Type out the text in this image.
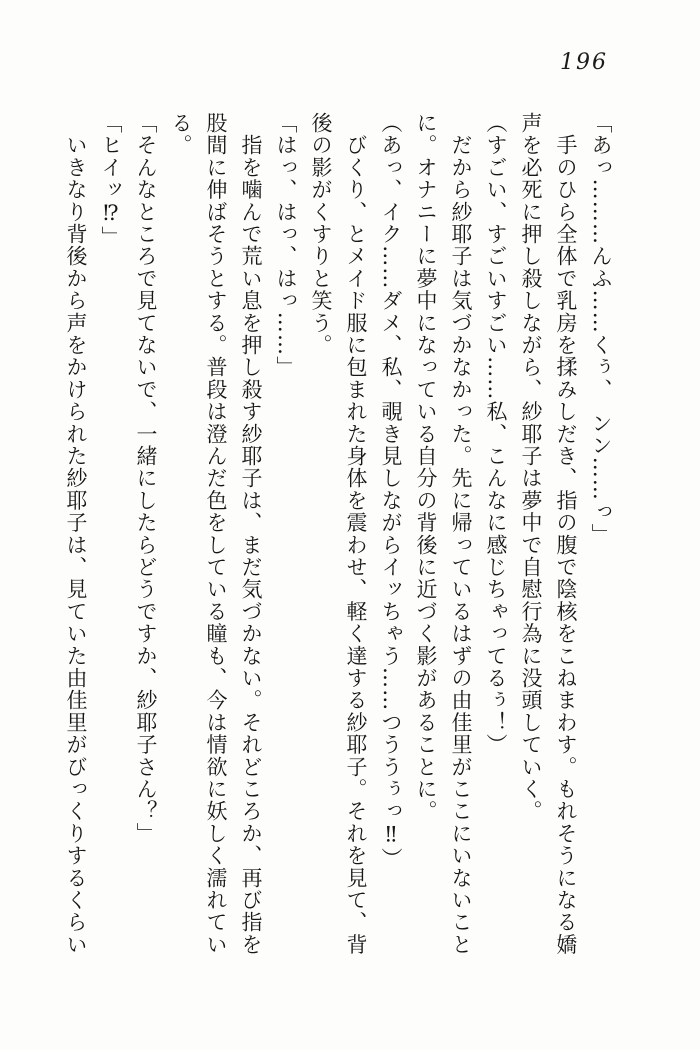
196
「あっ………んふ……くぅ、　ンン……っ」
　手のひら全体で乳房を揉みしだき、指の腹で陰核をこねまわす。もれそうになる嬌
声を必死に押し殺しながら、紗耶子は夢中で自慰行為に没頭していく。
（すごい、すごいすごい……私、こんなに感じちゃってるぅ！）
　だから紗耶子は気づかなかった。先に帰っているはずの由佳里がここにいないこと
に。オナニーに夢中になっている自分の背後に近づく影があることに。
（あっ、イク……ダメ、私、覗き見しながらイッちゃう……つううぅっ‼）
　びくり、とメイド服に包まれた身体を震わせ、軽く達する紗耶子。それを見て、背
後の影がくすりと笑う。
「はっ、はっ、はっ……」
　指を噛んで荒い息を押し殺す紗耶子は、まだ気づかない。それどころか、再び指を
股間に伸ばそうとする。普段は澄んだ色をしている瞳も、今は情欲に妖しく濡れてい
る。
「そんなところで見てないで、一緒にしたらどうですか、紗耶子さん？」
「ヒイッ⁉」
　いきなり背後から声をかけられた紗耶子は、見ていた由佳里がびっくりするくらい
